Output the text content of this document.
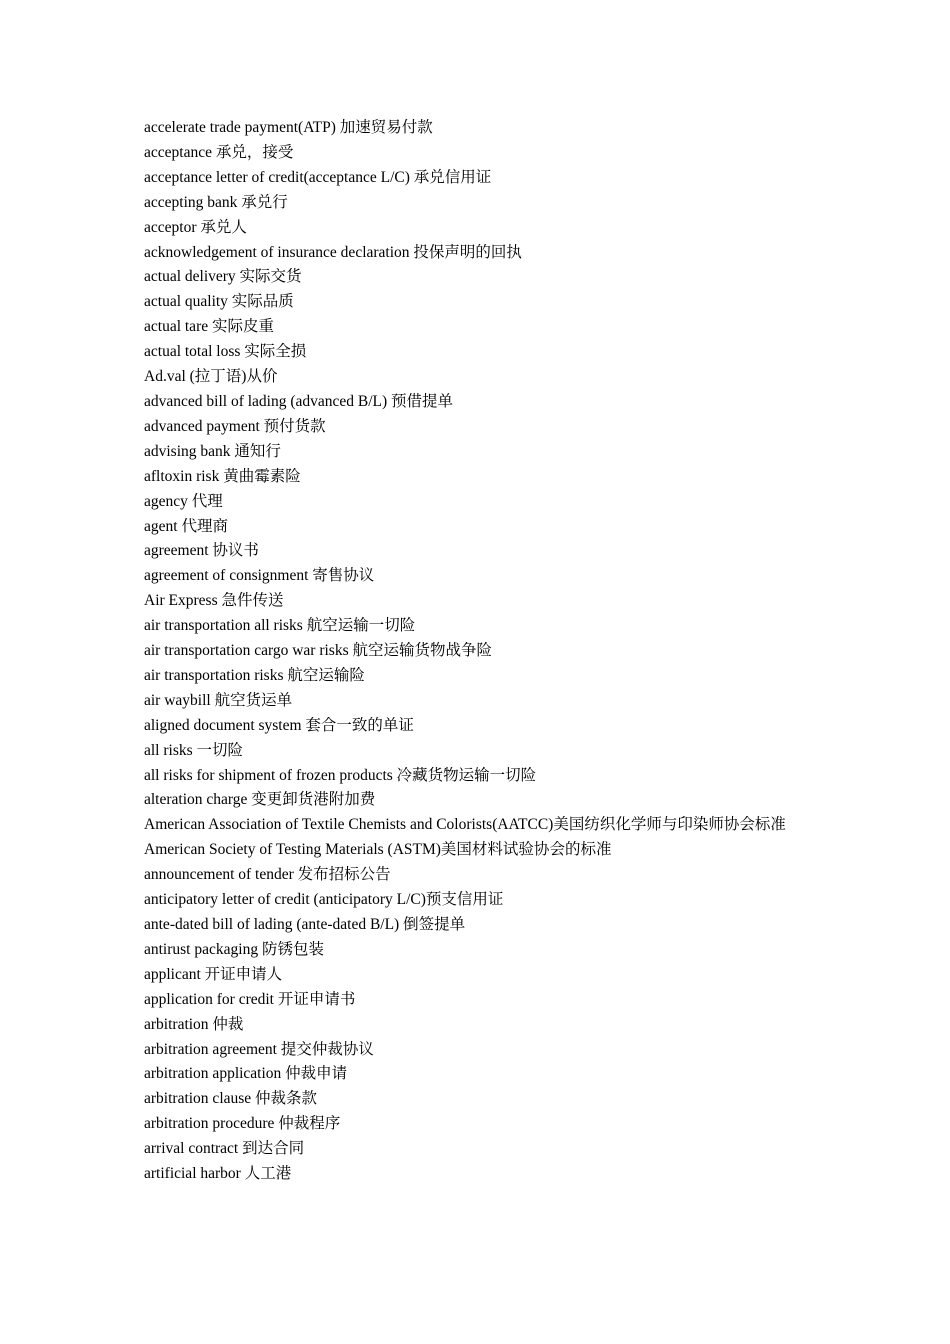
accelerate trade payment(ATP) 加速贸易付款
acceptance 承兑，接受
acceptance letter of credit(acceptance L/C) 承兑信用证
accepting bank 承兑行
acceptor 承兑人
acknowledgement of insurance declaration 投保声明的回执
actual delivery 实际交货
actual quality 实际品质
actual tare 实际皮重
actual total loss 实际全损
Ad.val (拉丁语)从价
advanced bill of lading (advanced B/L) 预借提单
advanced payment 预付货款
advising bank 通知行
afltoxin risk 黄曲霉素险
agency 代理
agent 代理商
agreement 协议书
agreement of consignment 寄售协议
Air Express 急件传送
air transportation all risks 航空运输一切险
air transportation cargo war risks 航空运输货物战争险
air transportation risks 航空运输险
air waybill 航空货运单
aligned document system 套合一致的单证
all risks 一切险
all risks for shipment of frozen products 冷藏货物运输一切险
alteration charge 变更卸货港附加费
American Association of Textile Chemists and Colorists(AATCC)美国纺织化学师与印染师协会标准
American Society of Testing Materials (ASTM)美国材料试验协会的标准
announcement of tender 发布招标公告
anticipatory letter of credit (anticipatory L/C)预支信用证
ante-dated bill of lading (ante-dated B/L) 倒签提单
antirust packaging 防锈包装
applicant 开证申请人
application for credit 开证申请书
arbitration 仲裁
arbitration agreement 提交仲裁协议
arbitration application 仲裁申请
arbitration clause 仲裁条款
arbitration procedure 仲裁程序
arrival contract 到达合同
artificial harbor 人工港
